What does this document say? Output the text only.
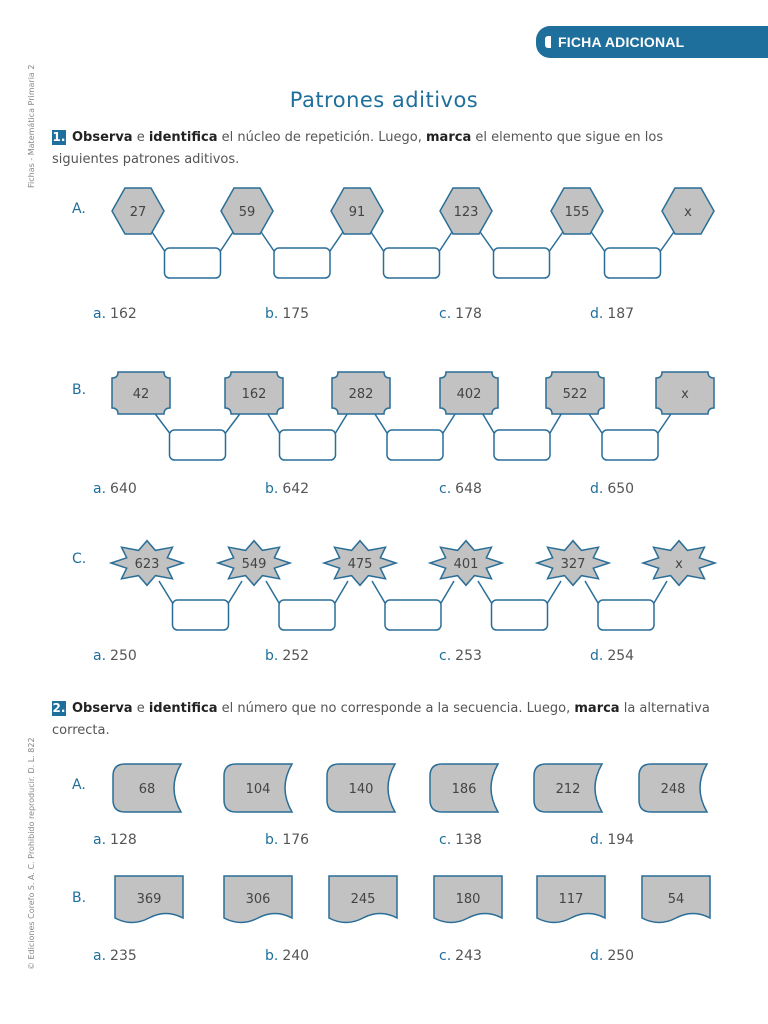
FICHA ADICIONAL
Fichas - Matemática Primaria 2
© Ediciones Corefo S. A. C. Prohibido reproducir. D. L. 822
Patrones aditivos
1. Observa e identifica el núcleo de repetición. Luego, marca el elemento que sigue en los siguientes patrones aditivos.
A.	27	59	91	123	155	x
a. 162	b. 175	c. 178	d. 187
B.	42	162	282	402	522	x
a. 640	b. 642	c. 648	d. 650
C.	623	549	475	401	327	x
a. 250	b. 252	c. 253	d. 254
2. Observa e identifica el número que no corresponde a la secuencia. Luego, marca la alternativa correcta.
A.	68	104	140	186	212	248
a. 128	b. 176	c. 138	d. 194
B.	369	306	245	180	117	54
a. 235	b. 240	c. 243	d. 250
